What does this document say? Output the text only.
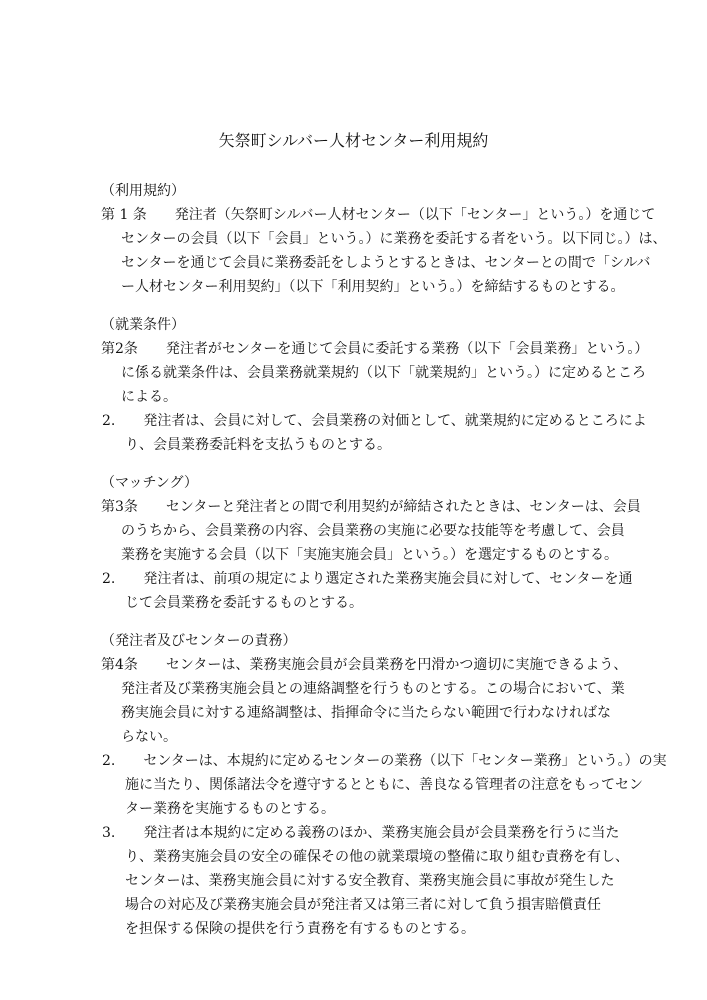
矢祭町シルバー人材センター利用規約
（利用規約）
第 1 条　　発注者（矢祭町シルバー人材センター（以下「センター」という。）を通じて
センターの会員（以下「会員」という。）に業務を委託する者をいう。以下同じ。）は、
センターを通じて会員に業務委託をしようとするときは、センターとの間で「シルバ
ー人材センター利用契約」（以下「利用契約」という。）を締結するものとする。
（就業条件）
第2条　　発注者がセンターを通じて会員に委託する業務（以下「会員業務」という。）
に係る就業条件は、会員業務就業規約（以下「就業規約」という。）に定めるところ
による。
2.　　発注者は、会員に対して、会員業務の対価として、就業規約に定めるところによ
り、会員業務委託料を支払うものとする。
（マッチング）
第3条　　センターと発注者との間で利用契約が締結されたときは、センターは、会員
のうちから、会員業務の内容、会員業務の実施に必要な技能等を考慮して、会員
業務を実施する会員（以下「実施実施会員」という。）を選定するものとする。
2.　　発注者は、前項の規定により選定された業務実施会員に対して、センターを通
じて会員業務を委託するものとする。
（発注者及びセンターの責務）
第4条　　センターは、業務実施会員が会員業務を円滑かつ適切に実施できるよう、
発注者及び業務実施会員との連絡調整を行うものとする。この場合において、業
務実施会員に対する連絡調整は、指揮命令に当たらない範囲で行わなければな
らない。
2.　　センターは、本規約に定めるセンターの業務（以下「センター業務」という。）の実
施に当たり、関係諸法令を遵守するとともに、善良なる管理者の注意をもってセン
ター業務を実施するものとする。
3.　　発注者は本規約に定める義務のほか、業務実施会員が会員業務を行うに当た
り、業務実施会員の安全の確保その他の就業環境の整備に取り組む責務を有し、
センターは、業務実施会員に対する安全教育、業務実施会員に事故が発生した
場合の対応及び業務実施会員が発注者又は第三者に対して負う損害賠償責任
を担保する保険の提供を行う責務を有するものとする。
